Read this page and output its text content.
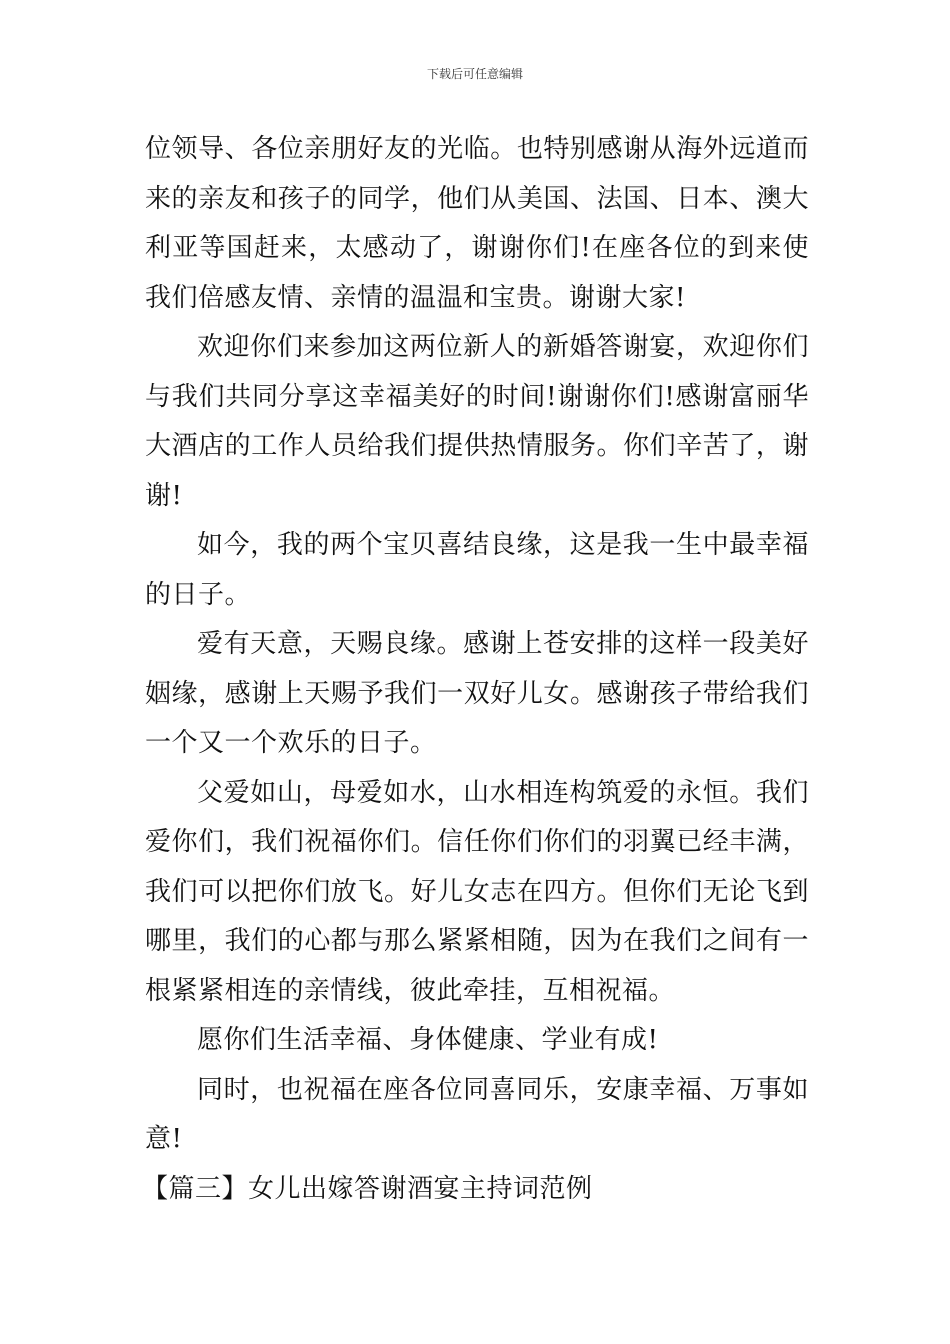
下载后可任意编辑

位领导、各位亲朋好友的光临。也特别感谢从海外远道而来的亲友和孩子的同学，他们从美国、法国、日本、澳大利亚等国赶来，太感动了，谢谢你们!在座各位的到来使我们倍感友情、亲情的温温和宝贵。谢谢大家!

欢迎你们来参加这两位新人的新婚答谢宴，欢迎你们与我们共同分享这幸福美好的时间!谢谢你们!感谢富丽华大酒店的工作人员给我们提供热情服务。你们辛苦了，谢谢!

如今，我的两个宝贝喜结良缘，这是我一生中最幸福的日子。

爱有天意，天赐良缘。感谢上苍安排的这样一段美好姻缘，感谢上天赐予我们一双好儿女。感谢孩子带给我们一个又一个欢乐的日子。

父爱如山，母爱如水，山水相连构筑爱的永恒。我们爱你们，我们祝福你们。信任你们你们的羽翼已经丰满，我们可以把你们放飞。好儿女志在四方。但你们无论飞到哪里，我们的心都与那么紧紧相随，因为在我们之间有一根紧紧相连的亲情线，彼此牵挂，互相祝福。

愿你们生活幸福、身体健康、学业有成!

同时，也祝福在座各位同喜同乐，安康幸福、万事如意!

【篇三】女儿出嫁答谢酒宴主持词范例
